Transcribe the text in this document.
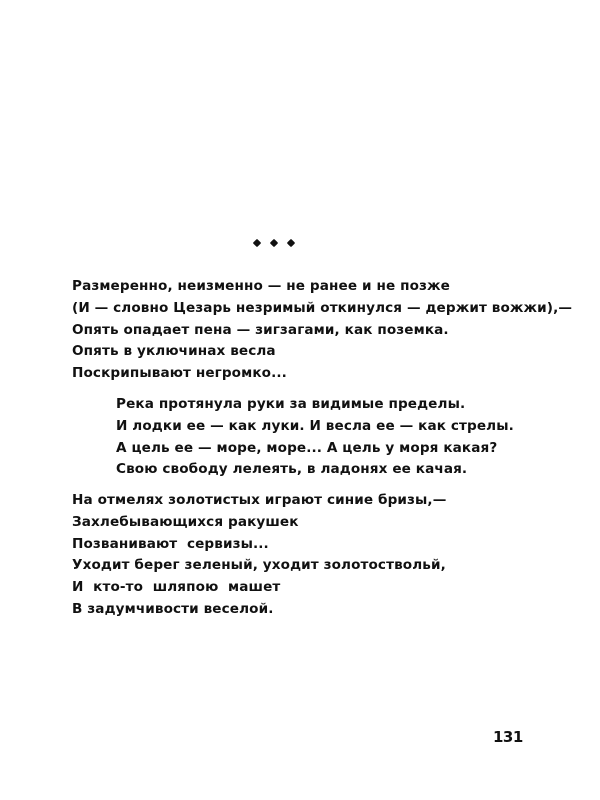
Размеренно, неизменно — не ранее и не позже
(И — словно Цезарь незримый откинулся — держит вожжи),—
Опять опадает пена — зигзагами, как поземка.
Опять в уключинах весла
Поскрипывают негромко...
Река протянула руки за видимые пределы.
И лодки ее — как луки. И весла ее — как стрелы.
А цель ее — море, море... А цель у моря какая?
Свою свободу лелеять, в ладонях ее качая.
На отмелях золотистых играют синие бризы,—
Захлебывающихся ракушек
Позванивают  сервизы...
Уходит берег зеленый, уходит золотоствольй,
И  кто-то  шляпою  машет
В задумчивости веселой.
131
